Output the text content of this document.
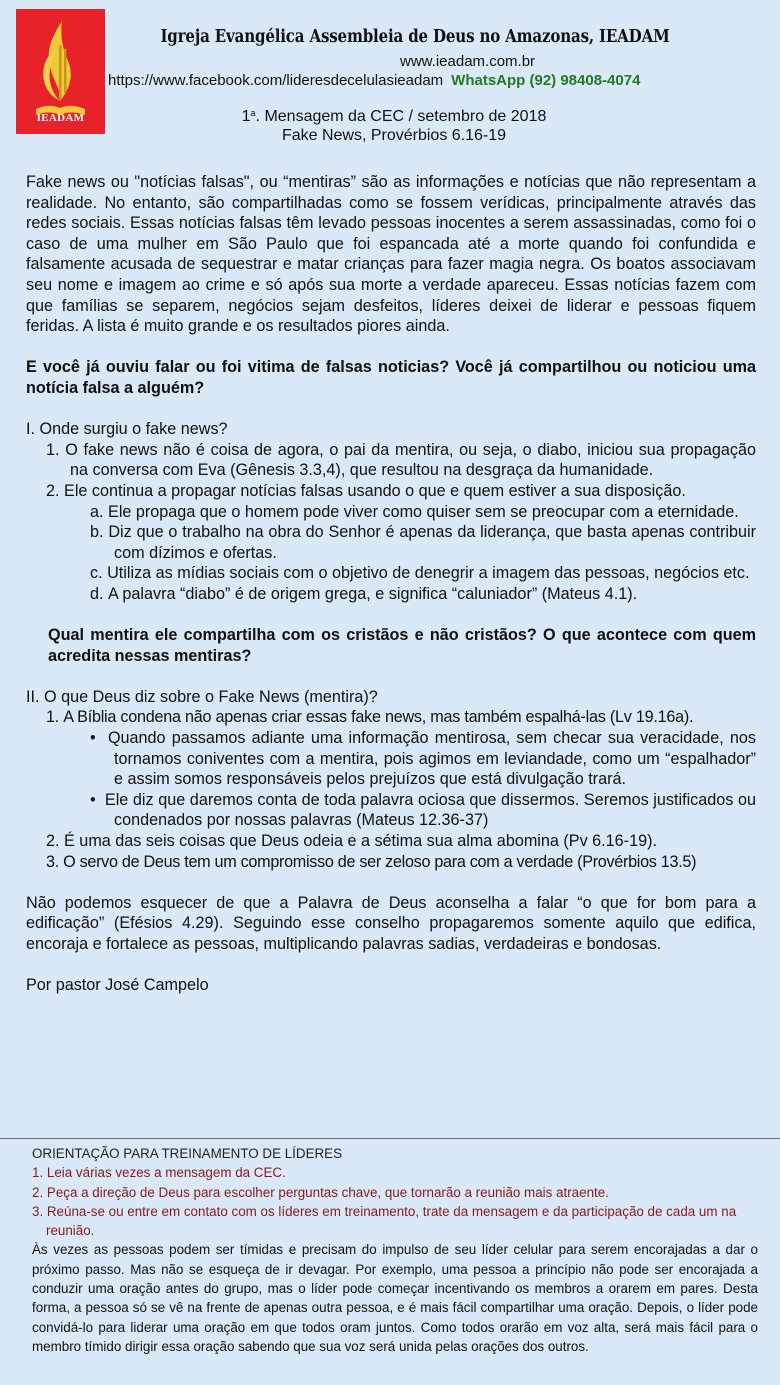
IEADAM
Igreja Evangélica Assembleia de Deus no Amazonas, IEADAM
www.ieadam.com.br
https://www.facebook.com/lideresdecelulasieadam WhatsApp (92) 98408-4074
1$^a$. Mensagem da CEC / setembro de 2018
Fake News, Provérbios 6.16-19

Fake news ou "notícias falsas", ou “mentiras” são as informações e notícias que não representam a realidade. No entanto, são compartilhadas como se fossem verídicas, principalmente através das redes sociais. Essas notícias falsas têm levado pessoas inocentes a serem assassinadas, como foi o caso de uma mulher em São Paulo que foi espancada até a morte quando foi confundida e falsamente acusada de sequestrar e matar crianças para fazer magia negra. Os boatos associavam seu nome e imagem ao crime e só após sua morte a verdade apareceu. Essas notícias fazem com que famílias se separem, negócios sejam desfeitos, líderes deixei de liderar e pessoas fiquem feridas. A lista é muito grande e os resultados piores ainda.

E você já ouviu falar ou foi vitima de falsas noticias? Você já compartilhou ou noticiou uma notícia falsa a alguém?

I. Onde surgiu o fake news?

1. O fake news não é coisa de agora, o pai da mentira, ou seja, o diabo, iniciou sua propagação na conversa com Eva (Gênesis 3.3,4), que resultou na desgraça da humanidade.

2. Ele continua a propagar notícias falsas usando o que e quem estiver a sua disposição.

a. Ele propaga que o homem pode viver como quiser sem se preocupar com a eternidade.

b. Diz que o trabalho na obra do Senhor é apenas da liderança, que basta apenas contribuir com dízimos e ofertas.

c. Utiliza as mídias sociais com o objetivo de denegrir a imagem das pessoas, negócios etc.

d. A palavra “diabo” é de origem grega, e significa “caluniador” (Mateus 4.1).

Qual mentira ele compartilha com os cristãos e não cristãos? O que acontece com quem acredita nessas mentiras?

II. O que Deus diz sobre o Fake News (mentira)?

1. A Bíblia condena não apenas criar essas fake news, mas também espalhá-las (Lv 19.16a).

• Quando passamos adiante uma informação mentirosa, sem checar sua veracidade, nos tornamos coniventes com a mentira, pois agimos em leviandade, como um “espalhador” e assim somos responsáveis pelos prejuízos que está divulgação trará.

• Ele diz que daremos conta de toda palavra ociosa que dissermos. Seremos justificados ou condenados por nossas palavras (Mateus 12.36-37)

2. É uma das seis coisas que Deus odeia e a sétima sua alma abomina (Pv 6.16-19).

3. O servo de Deus tem um compromisso de ser zeloso para com a verdade (Provérbios 13.5)

Não podemos esquecer de que a Palavra de Deus aconselha a falar “o que for bom para a edificação” (Efésios 4.29). Seguindo esse conselho propagaremos somente aquilo que edifica, encoraja e fortalece as pessoas, multiplicando palavras sadias, verdadeiras e bondosas.

Por pastor José Campelo

ORIENTAÇÃO PARA TREINAMENTO DE LÍDERES

1. Leia várias vezes a mensagem da CEC.

2. Peça a direção de Deus para escolher perguntas chave, que tornarão a reunião mais atraente.

3. Reúna-se ou entre em contato com os líderes em treinamento, trate da mensagem e da participação de cada um na reunião.

Às vezes as pessoas podem ser tímidas e precisam do impulso de seu líder celular para serem encorajadas a dar o próximo passo. Mas não se esqueça de ir devagar. Por exemplo, uma pessoa a princípio não pode ser encorajada a conduzir uma oração antes do grupo, mas o líder pode começar incentivando os membros a orarem em pares. Desta forma, a pessoa só se vê na frente de apenas outra pessoa, e é mais fácil compartilhar uma oração. Depois, o líder pode convidá-lo para liderar uma oração em que todos oram juntos. Como todos orarão em voz alta, será mais fácil para o membro tímido dirigir essa oração sabendo que sua voz será unida pelas orações dos outros.
